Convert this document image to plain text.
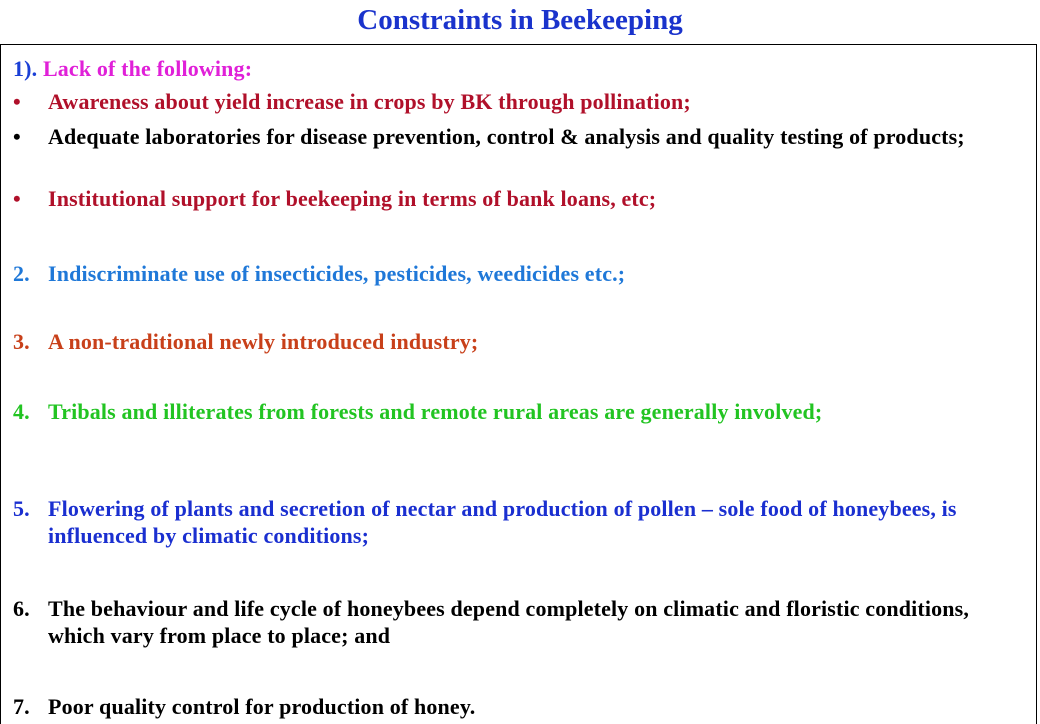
Constraints in Beekeeping
1). Lack of the following:
•	Awareness about yield increase in crops by BK through pollination;
•	Adequate laboratories for disease prevention, control & analysis and quality testing of products;
•	Institutional support for beekeeping in terms of bank loans, etc;
2. Indiscriminate use of insecticides, pesticides, weedicides etc.;
3. A non-traditional newly introduced industry;
4. Tribals and illiterates from forests and remote rural areas are generally involved;
5. Flowering of plants and secretion of nectar and production of pollen – sole food of honeybees, is influenced by climatic conditions;
6. The behaviour and life cycle of honeybees depend completely on climatic and floristic conditions, which vary from place to place; and
7. Poor quality control for production of honey.
